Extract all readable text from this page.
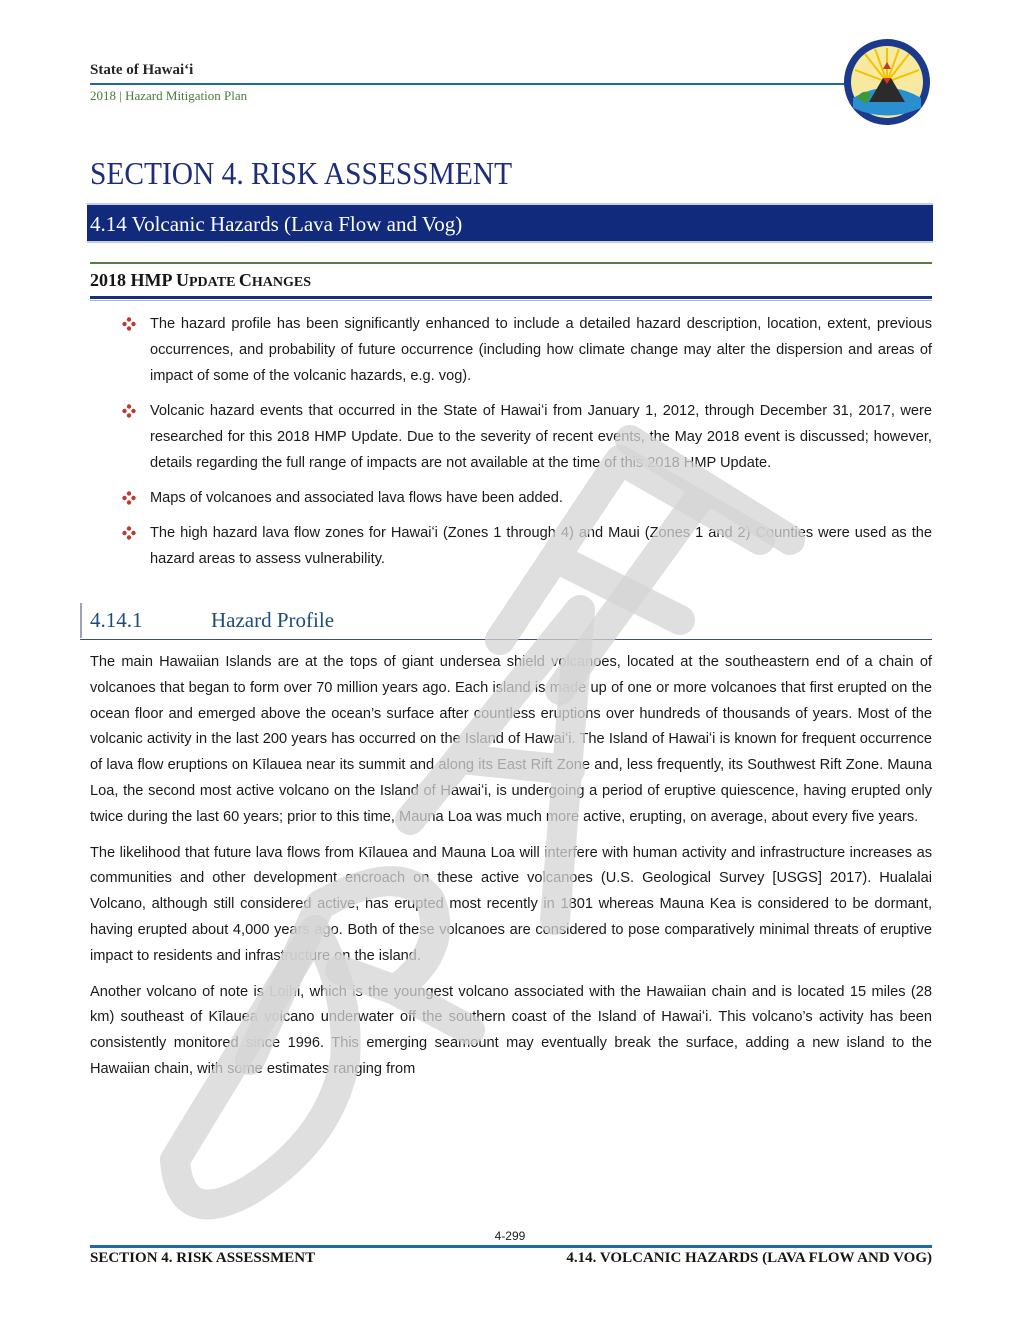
State of Hawaiʻi
2018 | Hazard Mitigation Plan
SECTION 4. RISK ASSESSMENT
4.14 Volcanic Hazards (Lava Flow and Vog)
2018 HMP UPDATE CHANGES
The hazard profile has been significantly enhanced to include a detailed hazard description, location, extent, previous occurrences, and probability of future occurrence (including how climate change may alter the dispersion and areas of impact of some of the volcanic hazards, e.g. vog).
Volcanic hazard events that occurred in the State of Hawaiʻi from January 1, 2012, through December 31, 2017, were researched for this 2018 HMP Update. Due to the severity of recent events, the May 2018 event is discussed; however, details regarding the full range of impacts are not available at the time of this 2018 HMP Update.
Maps of volcanoes and associated lava flows have been added.
The high hazard lava flow zones for Hawaiʻi (Zones 1 through 4) and Maui (Zones 1 and 2) Counties were used as the hazard areas to assess vulnerability.
4.14.1	Hazard Profile

The main Hawaiian Islands are at the tops of giant undersea shield volcanoes, located at the southeastern end of a chain of volcanoes that began to form over 70 million years ago. Each island is made up of one or more volcanoes that first erupted on the ocean floor and emerged above the ocean’s surface after countless eruptions over hundreds of thousands of years. Most of the volcanic activity in the last 200 years has occurred on the Island of Hawaiʻi. The Island of Hawaiʻi is known for frequent occurrence of lava flow eruptions on Kīlauea near its summit and along its East Rift Zone and, less frequently, its Southwest Rift Zone. Mauna Loa, the second most active volcano on the Island of Hawaiʻi, is undergoing a period of eruptive quiescence, having erupted only twice during the last 60 years; prior to this time, Mauna Loa was much more active, erupting, on average, about every five years.

The likelihood that future lava flows from Kīlauea and Mauna Loa will interfere with human activity and infrastructure increases as communities and other development encroach on these active volcanoes (U.S. Geological Survey [USGS] 2017). Hualalai Volcano, although still considered active, has erupted most recently in 1801 whereas Mauna Kea is considered to be dormant, having erupted about 4,000 years ago. Both of these volcanoes are considered to pose comparatively minimal threats of eruptive impact to residents and infrastructure on the island.

Another volcano of note is Loihi, which is the youngest volcano associated with the Hawaiian chain and is located 15 miles (28 km) southeast of Kīlauea volcano underwater off the southern coast of the Island of Hawaiʻi. This volcano’s activity has been consistently monitored since 1996. This emerging seamount may eventually break the surface, adding a new island to the Hawaiian chain, with some estimates ranging from

4-299
SECTION 4. RISK ASSESSMENT	4.14. VOLCANIC HAZARDS (LAVA FLOW AND VOG)
